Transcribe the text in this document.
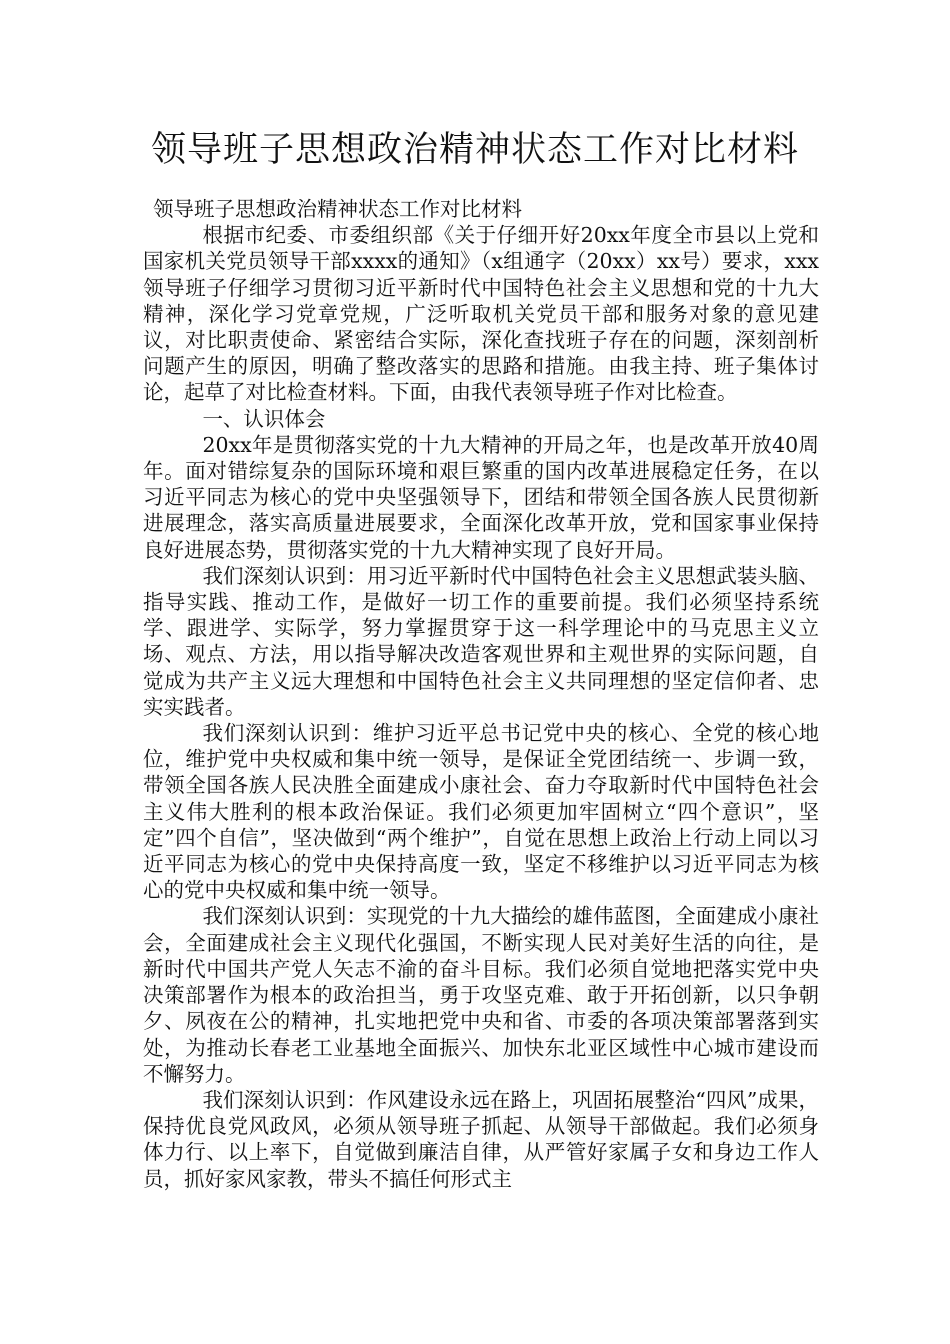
领导班子思想政治精神状态工作对比材料

领导班子思想政治精神状态工作对比材料

根据市纪委、市委组织部《关于仔细开好20xx年度全市县以上党和国家机关党员领导干部xxxx的通知》（x组通字（20xx）xx号）要求，xxx领导班子仔细学习贯彻习近平新时代中国特色社会主义思想和党的十九大精神，深化学习党章党规，广泛听取机关党员干部和服务对象的意见建议，对比职责使命、紧密结合实际，深化查找班子存在的问题，深刻剖析问题产生的原因，明确了整改落实的思路和措施。由我主持、班子集体讨论，起草了对比检查材料。下面，由我代表领导班子作对比检查。

一、认识体会

20xx年是贯彻落实党的十九大精神的开局之年，也是改革开放40周年。面对错综复杂的国际环境和艰巨繁重的国内改革进展稳定任务，在以习近平同志为核心的党中央坚强领导下，团结和带领全国各族人民贯彻新进展理念，落实高质量进展要求，全面深化改革开放，党和国家事业保持良好进展态势，贯彻落实党的十九大精神实现了良好开局。

我们深刻认识到：用习近平新时代中国特色社会主义思想武装头脑、指导实践、推动工作，是做好一切工作的重要前提。我们必须坚持系统学、跟进学、实际学，努力掌握贯穿于这一科学理论中的马克思主义立场、观点、方法，用以指导解决改造客观世界和主观世界的实际问题，自觉成为共产主义远大理想和中国特色社会主义共同理想的坚定信仰者、忠实实践者。

我们深刻认识到：维护习近平总书记党中央的核心、全党的核心地位，维护党中央权威和集中统一领导，是保证全党团结统一、步调一致，带领全国各族人民决胜全面建成小康社会、奋力夺取新时代中国特色社会主义伟大胜利的根本政治保证。我们必须更加牢固树立“四个意识”，坚定”四个自信”，坚决做到“两个维护”，自觉在思想上政治上行动上同以习近平同志为核心的党中央保持高度一致，坚定不移维护以习近平同志为核心的党中央权威和集中统一领导。

我们深刻认识到：实现党的十九大描绘的雄伟蓝图，全面建成小康社会，全面建成社会主义现代化强国，不断实现人民对美好生活的向往，是新时代中国共产党人矢志不渝的奋斗目标。我们必须自觉地把落实党中央决策部署作为根本的政治担当，勇于攻坚克难、敢于开拓创新，以只争朝夕、夙夜在公的精神，扎实地把党中央和省、市委的各项决策部署落到实处，为推动长春老工业基地全面振兴、加快东北亚区域性中心城市建设而不懈努力。

我们深刻认识到：作风建设永远在路上，巩固拓展整治“四风”成果，保持优良党风政风，必须从领导班子抓起、从领导干部做起。我们必须身体力行、以上率下，自觉做到廉洁自律，从严管好家属子女和身边工作人员，抓好家风家教，带头不搞任何形式主
